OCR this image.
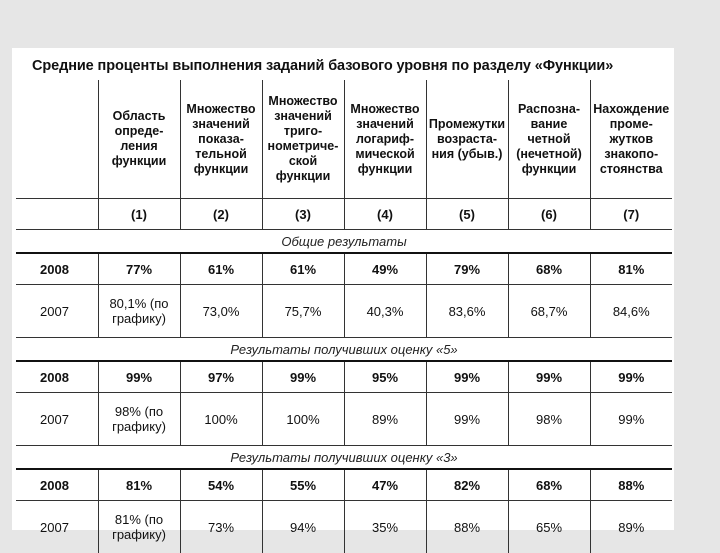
Средние проценты выполнения заданий базового уровня по разделу «Функции»
	Область определения функции	Множество значений показательной функции	Множество значений тригонометрической функции	Множество значений логарифмической функции	Промежутки возрастания (убыв.)	Распознавание четной (нечетной) функции	Нахождение промежутков знакопостоянства
	(1)	(2)	(3)	(4)	(5)	(6)	(7)
Общие результаты							
2008	77%	61%	61%	49%	79%	68%	81%
2007	80,1% (по графику)	73,0%	75,7%	40,3%	83,6%	68,7%	84,6%
Результаты получивших оценку «5»							
2008	99%	97%	99%	95%	99%	99%	99%
2007	98% (по графику)	100%	100%	89%	99%	98%	99%
Результаты получивших оценку «3»							
2008	81%	54%	55%	47%	82%	68%	88%
2007	81% (по графику)	73%	94%	35%	88%	65%	89%
